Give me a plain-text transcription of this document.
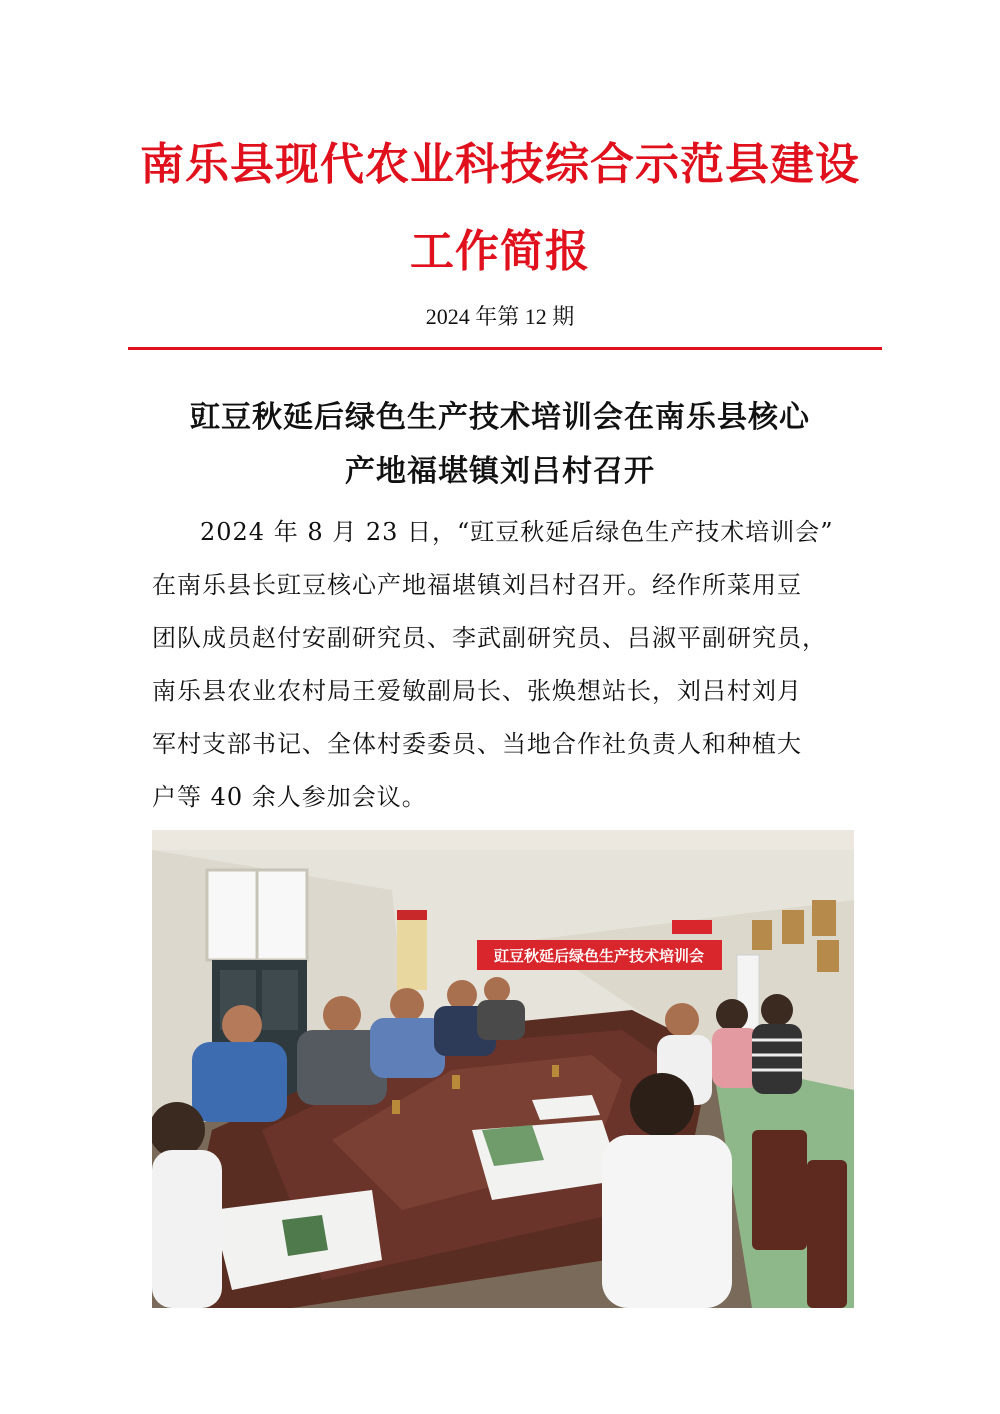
南乐县现代农业科技综合示范县建设
工作简报
2024 年第 12 期
豇豆秋延后绿色生产技术培训会在南乐县核心
产地福堪镇刘吕村召开
2024 年 8 月 23 日，“豇豆秋延后绿色生产技术培训会”
在南乐县长豇豆核心产地福堪镇刘吕村召开。经作所菜用豆
团队成员赵付安副研究员、李武副研究员、吕淑平副研究员，
南乐县农业农村局王爱敏副局长、张焕想站长，刘吕村刘月
军村支部书记、全体村委委员、当地合作社负责人和种植大
户等 40 余人参加会议。
豇豆秋延后绿色生产技术培训会
